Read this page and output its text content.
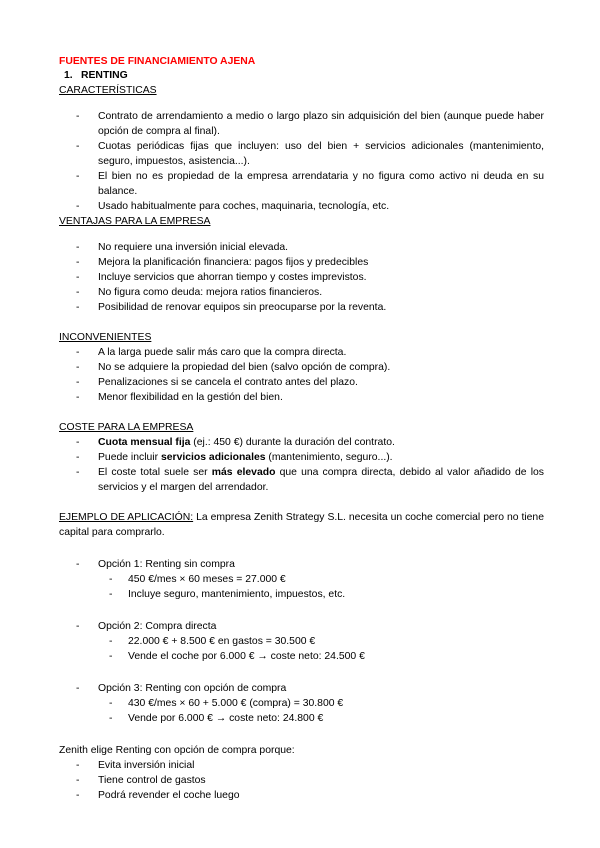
FUENTES DE FINANCIAMIENTO AJENA
1. RENTING
CARACTERÍSTICAS
- Contrato de arrendamiento a medio o largo plazo sin adquisición del bien (aunque puede haber opción de compra al final).
- Cuotas periódicas fijas que incluyen: uso del bien + servicios adicionales (mantenimiento, seguro, impuestos, asistencia...).
- El bien no es propiedad de la empresa arrendataria y no figura como activo ni deuda en su balance.
- Usado habitualmente para coches, maquinaria, tecnología, etc.
VENTAJAS PARA LA EMPRESA
- No requiere una inversión inicial elevada.
- Mejora la planificación financiera: pagos fijos y predecibles
- Incluye servicios que ahorran tiempo y costes imprevistos.
- No figura como deuda: mejora ratios financieros.
- Posibilidad de renovar equipos sin preocuparse por la reventa.
INCONVENIENTES
- A la larga puede salir más caro que la compra directa.
- No se adquiere la propiedad del bien (salvo opción de compra).
- Penalizaciones si se cancela el contrato antes del plazo.
- Menor flexibilidad en la gestión del bien.
COSTE PARA LA EMPRESA
- Cuota mensual fija (ej.: 450 €) durante la duración del contrato.
- Puede incluir servicios adicionales (mantenimiento, seguro...).
- El coste total suele ser más elevado que una compra directa, debido al valor añadido de los servicios y el margen del arrendador.
EJEMPLO DE APLICACIÓN: La empresa Zenith Strategy S.L. necesita un coche comercial pero no tiene capital para comprarlo.
- Opción 1: Renting sin compra
- 450 €/mes × 60 meses = 27.000 €
- Incluye seguro, mantenimiento, impuestos, etc.
- Opción 2: Compra directa
- 22.000 € + 8.500 € en gastos = 30.500 €
- Vende el coche por 6.000 € → coste neto: 24.500 €
- Opción 3: Renting con opción de compra
- 430 €/mes × 60 + 5.000 € (compra) = 30.800 €
- Vende por 6.000 € → coste neto: 24.800 €
Zenith elige Renting con opción de compra porque:
- Evita inversión inicial
- Tiene control de gastos
- Podrá revender el coche luego
